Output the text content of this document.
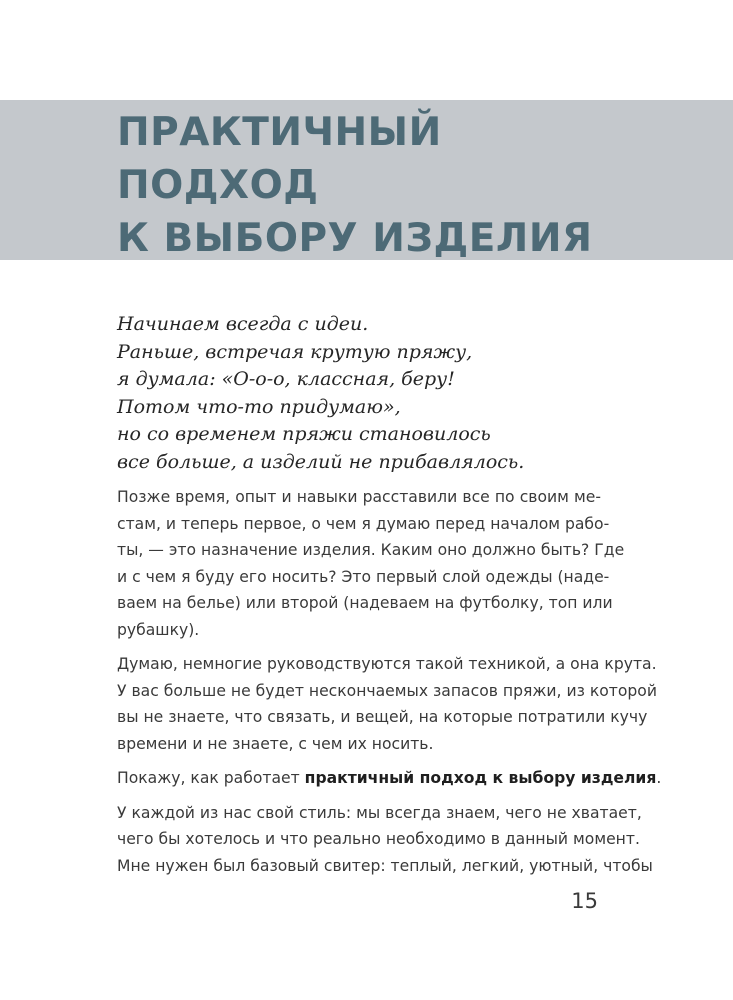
ПРАКТИЧНЫЙ
ПОДХОД
К ВЫБОРУ ИЗДЕЛИЯ
Начинаем всегда с идеи.
Раньше, встречая крутую пряжу,
я думала: «О-о-о, классная, беру!
Потом что-то придумаю»,
но со временем пряжи становилось
все больше, а изделий не прибавлялось.

Позже время, опыт и навыки расставили все по своим ме-
стам, и теперь первое, о чем я думаю перед началом рабо-
ты, — это назначение изделия. Каким оно должно быть? Где
и с чем я буду его носить? Это первый слой одежды (наде-
ваем на белье) или второй (надеваем на футболку, топ или
рубашку).

Думаю, немногие руководствуются такой техникой, а она крута.
У вас больше не будет нескончаемых запасов пряжи, из которой
вы не знаете, что связать, и вещей, на которые потратили кучу
времени и не знаете, с чем их носить.

Покажу, как работает практичный подход к выбору изделия.

У каждой из нас свой стиль: мы всегда знаем, чего не хватает,
чего бы хотелось и что реально необходимо в данный момент.
Мне нужен был базовый свитер: теплый, легкий, уютный, чтобы

15
